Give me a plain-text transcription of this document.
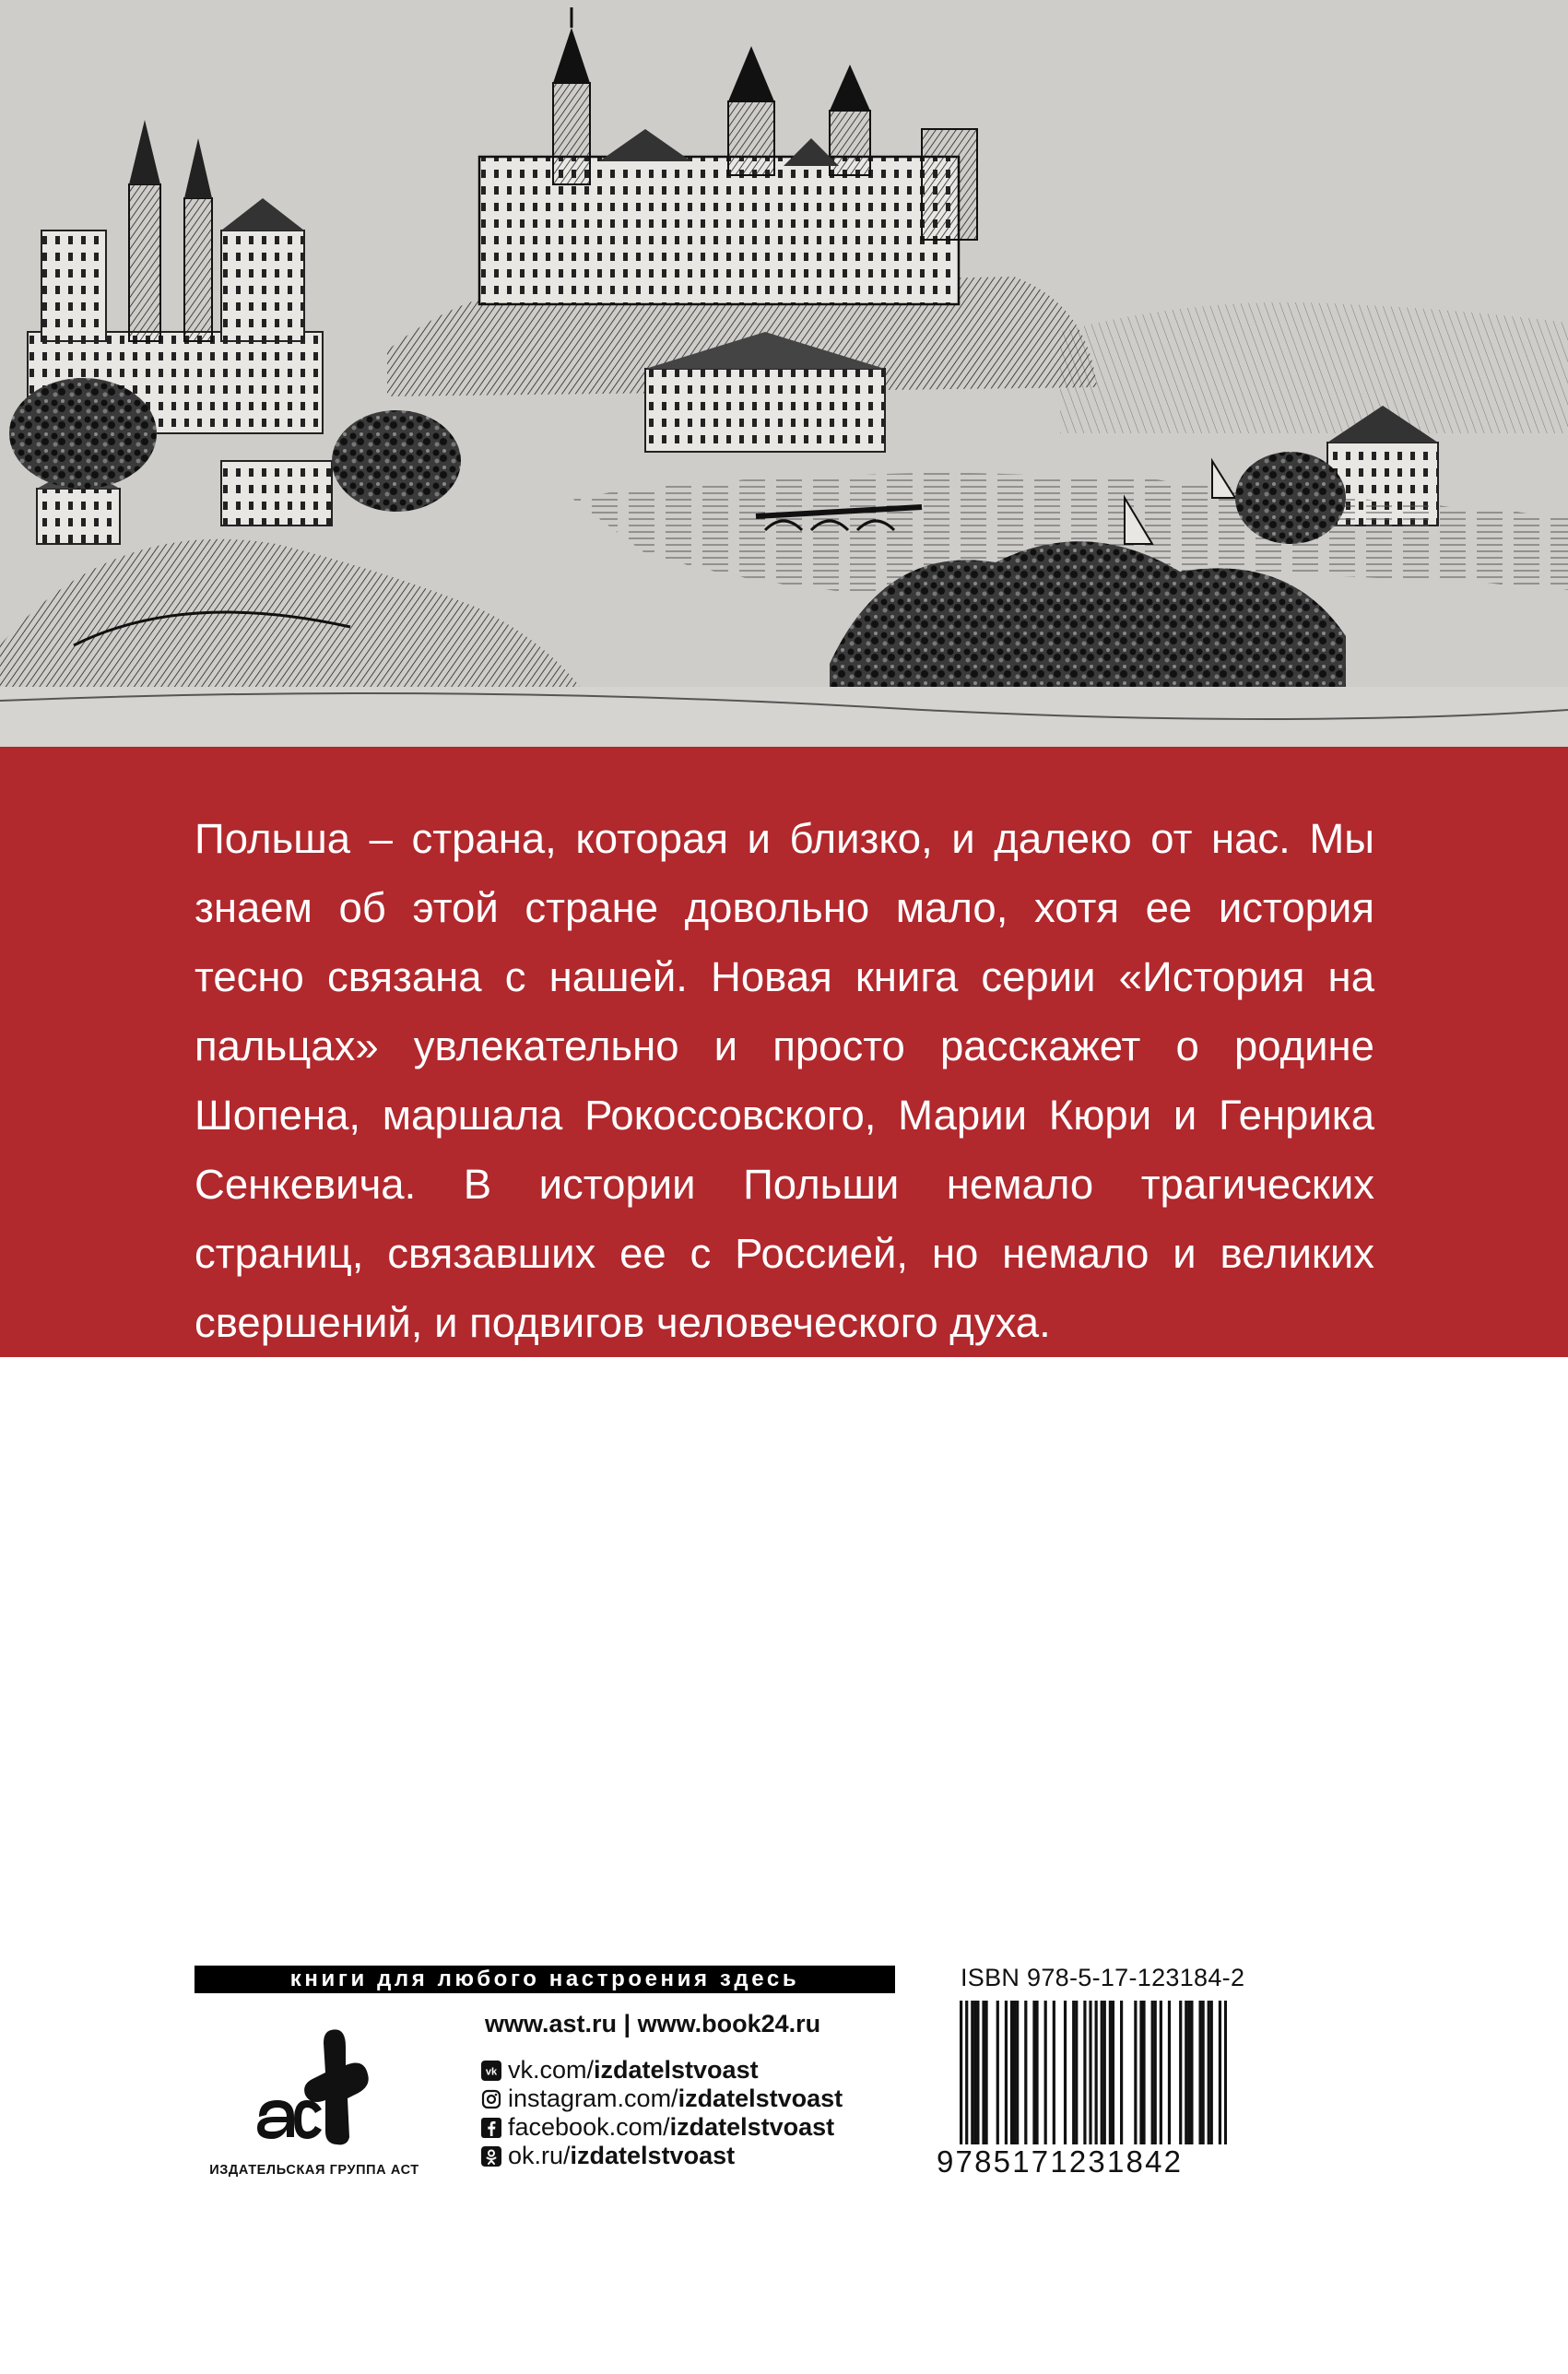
Польша – страна, которая и близко, и далеко от нас. Мы знаем об этой стране довольно мало, хотя ее история тесно связана с нашей. Новая книга серии «История на пальцах» увлекательно и просто расскажет о родине Шопена, маршала Рокоссовского, Марии Кюри и Генрика Сенкевича. В истории Польши немало трагических страниц, связавших ее с Россией, но немало и великих свершений, и подвигов человеческого духа.

книги для любого настроения здесь
ИЗДАТЕЛЬСКАЯ ГРУППА АСТ
www.ast.ru | www.book24.ru
vk vk.com/ izdatelstvoast
instagram.com/ izdatelstvoast
facebook.com/ izdatelstvoast
ok.ru/ izdatelstvoast
ISBN 978-5-17-123184-2
9785171231842
